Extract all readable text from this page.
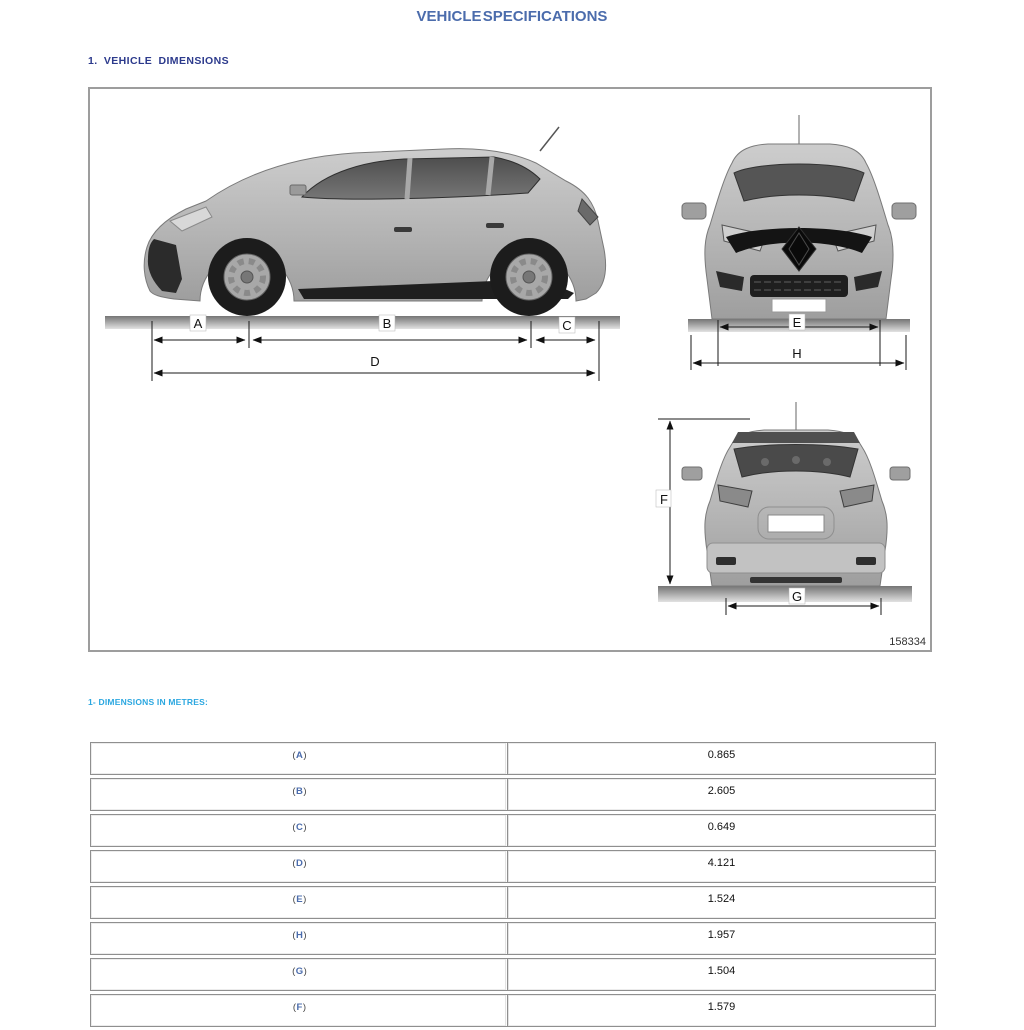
VEHICLE SPECIFICATIONS
1. VEHICLE DIMENSIONS
A	B	C
D
E
H
F
G
158334
1- DIMENSIONS IN METRES:
( A )	0.865
( B )	2.605
( C )	0.649
( D )	4.121
( E )	1.524
( H )	1.957
( G )	1.504
( F )	1.579
